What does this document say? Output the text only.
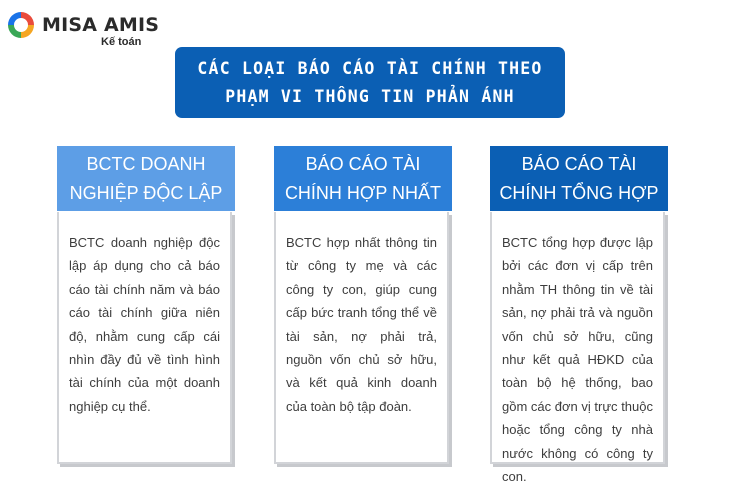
MISA AMIS
Kế toán
CÁC LOẠI BÁO CÁO TÀI CHÍNH THEO
PHẠM VI THÔNG TIN PHẢN ÁNH
BCTC DOANH
NGHIỆP ĐỘC LẬP
BCTC doanh nghiệp độc lập áp dụng cho cả báo cáo tài chính năm và báo cáo tài chính giữa niên độ, nhằm cung cấp cái nhìn đầy đủ về tình hình tài chính của một doanh nghiệp cụ thể.
BÁO CÁO TÀI
CHÍNH HỢP NHẤT
BCTC hợp nhất thông tin từ công ty mẹ và các công ty con, giúp cung cấp bức tranh tổng thể về tài sản, nợ phải trả, nguồn vốn chủ sở hữu, và kết quả kinh doanh của toàn bộ tập đoàn.
BÁO CÁO TÀI
CHÍNH TỔNG HỢP
BCTC tổng hợp được lập bởi các đơn vị cấp trên nhằm TH thông tin về tài sản, nợ phải trả và nguồn vốn chủ sở hữu, cũng như kết quả HĐKD của toàn bộ hệ thống, bao gồm các đơn vị trực thuộc hoặc tổng công ty nhà nước không có công ty con.
